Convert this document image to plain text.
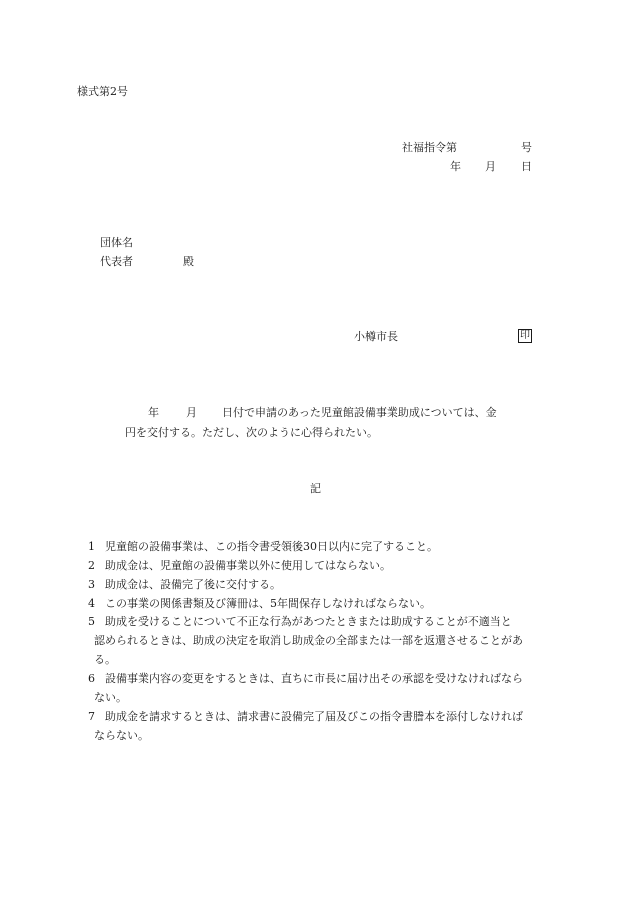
様式第2号
社福指令第	号
年 月 日
団体名
代表者	殿
小樽市長	印
年 月 日付で申請のあった児童館設備事業助成については、金
円を交付する。ただし、次のように心得られたい。
記
1 児童館の設備事業は、この指令書受領後30日以内に完了すること。
2 助成金は、児童館の設備事業以外に使用してはならない。
3 助成金は、設備完了後に交付する。
4 この事業の関係書類及び簿冊は、5年間保存しなければならない。
5 助成を受けることについて不正な行為があつたときまたは助成することが不適当と
認められるときは、助成の決定を取消し助成金の全部または一部を返還させることがあ
る。
6 設備事業内容の変更をするときは、直ちに市長に届け出その承認を受けなければなら
ない。
7 助成金を請求するときは、請求書に設備完了届及びこの指令書謄本を添付しなければ
ならない。
